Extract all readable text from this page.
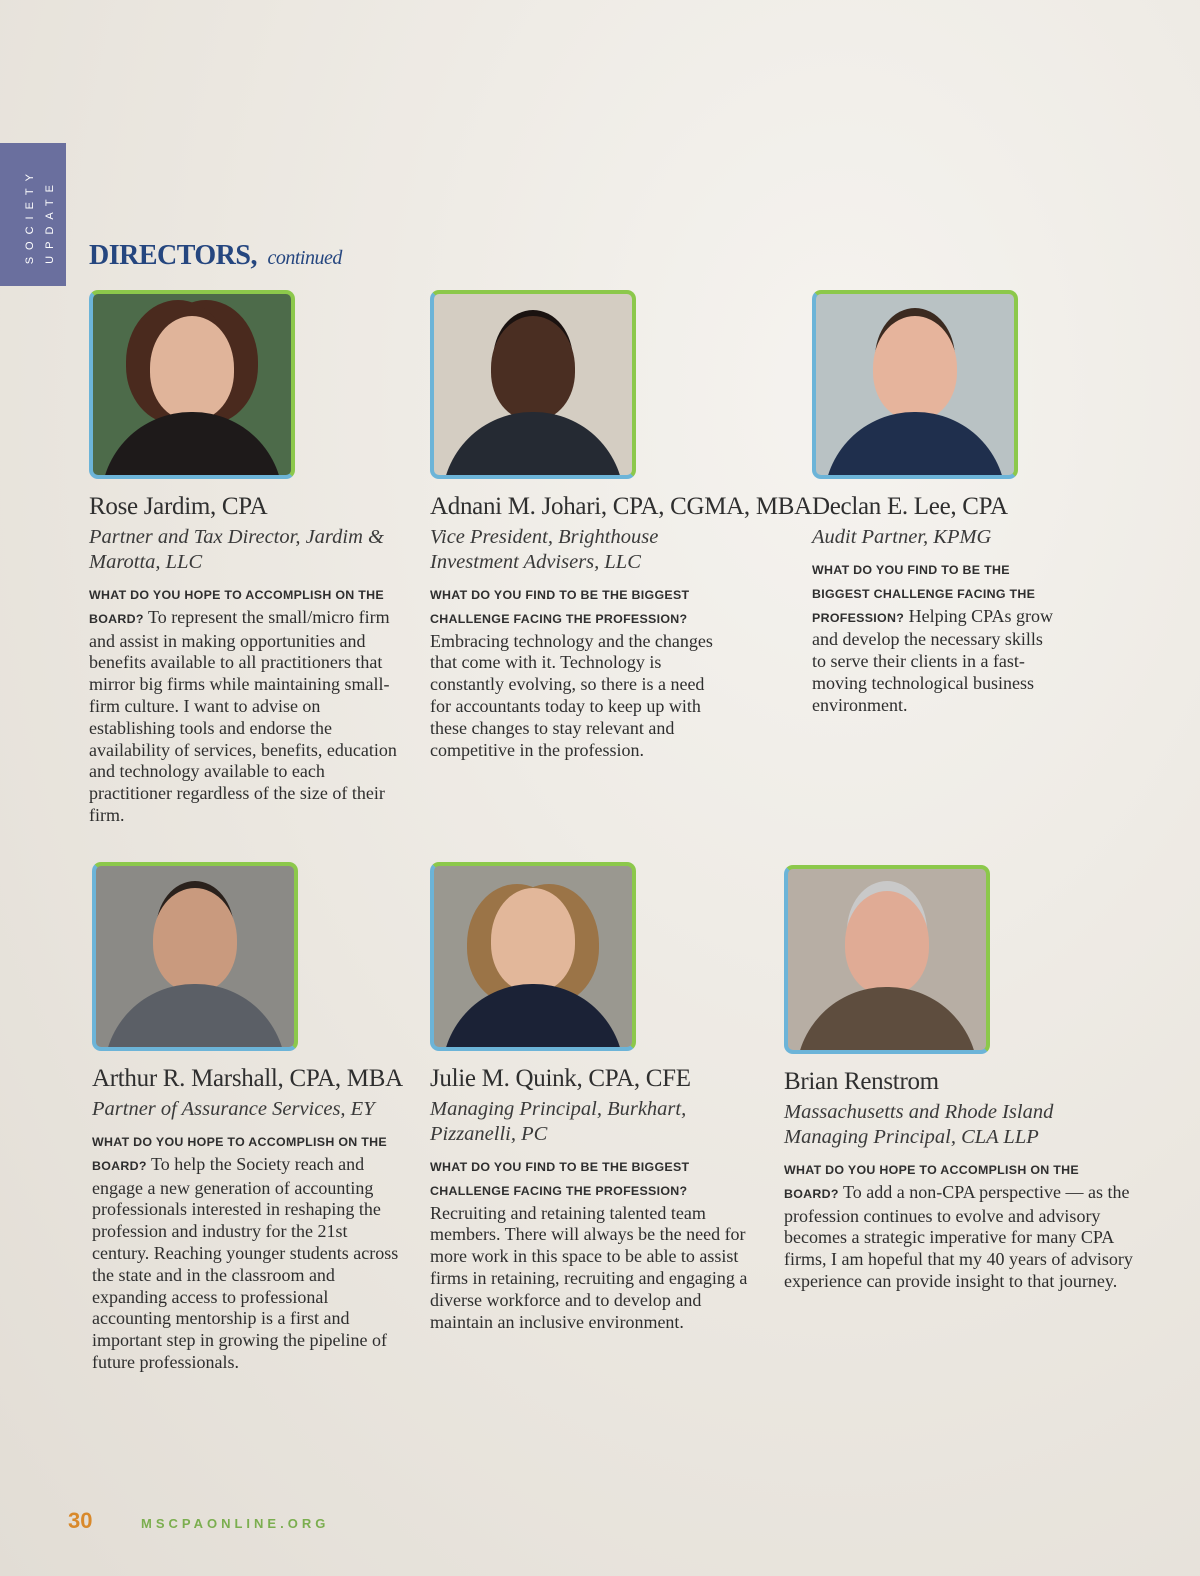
SOCIETY UPDATE DIRECTORS, continued

Rose Jardim, CPA

Partner and Tax Director, Jardim & Marotta, LLC

WHAT DO YOU HOPE TO ACCOMPLISH ON THE BOARD? To represent the small/micro firm and assist in making opportunities and benefits available to all practitioners that mirror big firms while maintaining small-firm culture. I want to advise on establishing tools and endorse the availability of services, benefits, education and technology available to each practitioner regardless of the size of their firm.

Adnani M. Johari, CPA, CGMA, MBA

Vice President, Brighthouse Investment Advisers, LLC

WHAT DO YOU FIND TO BE THE BIGGEST CHALLENGE FACING THE PROFESSION? Embracing technology and the changes that come with it. Technology is constantly evolving, so there is a need for accountants today to keep up with these changes to stay relevant and competitive in the profession.

Declan E. Lee, CPA

Audit Partner, KPMG

WHAT DO YOU FIND TO BE THE BIGGEST CHALLENGE FACING THE PROFESSION? Helping CPAs grow and develop the necessary skills to serve their clients in a fast-moving technological business environment.

Arthur R. Marshall, CPA, MBA

Partner of Assurance Services, EY

WHAT DO YOU HOPE TO ACCOMPLISH ON THE BOARD? To help the Society reach and engage a new generation of accounting professionals interested in reshaping the profession and industry for the 21st century. Reaching younger students across the state and in the classroom and expanding access to professional accounting mentorship is a first and important step in growing the pipeline of future professionals.

Julie M. Quink, CPA, CFE

Managing Principal, Burkhart, Pizzanelli, PC

WHAT DO YOU FIND TO BE THE BIGGEST CHALLENGE FACING THE PROFESSION? Recruiting and retaining talented team members. There will always be the need for more work in this space to be able to assist firms in retaining, recruiting and engaging a diverse workforce and to develop and maintain an inclusive environment.

Brian Renstrom

Massachusetts and Rhode Island Managing Principal, CLA LLP

WHAT DO YOU HOPE TO ACCOMPLISH ON THE BOARD? To add a non-CPA perspective — as the profession continues to evolve and advisory becomes a strategic imperative for many CPA firms, I am hopeful that my 40 years of advisory experience can provide insight to that journey.

30	MSCPAONLINE.ORG
